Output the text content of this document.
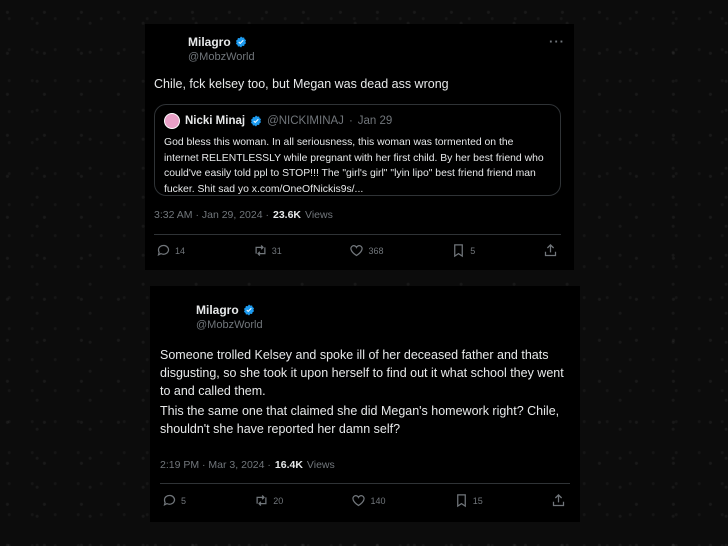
Milagro
@MobzWorld
···
Chile, fck kelsey too, but Megan was dead ass wrong
Nicki Minaj @NICKIMINAJ · Jan 29
God bless this woman. In all seriousness, this woman was tormented on the internet RELENTLESSLY while pregnant with her first child. By her best friend who could've easily told ppl to STOP!!! The "girl's girl" "lyin lipo" best friend friend man fucker. Shit sad yo x.com/OneOfNickis9s/...
3:32 AM · Jan 29, 2024 · 23.6K Views
14	31	368	5
Milagro
@MobzWorld
Someone trolled Kelsey and spoke ill of her deceased father and thats disgusting, so she took it upon herself to find out it what school they went to and called them.
This the same one that claimed she did Megan's homework right? Chile, shouldn't she have reported her damn self?
2:19 PM · Mar 3, 2024 · 16.4K Views
5	20	140	15
